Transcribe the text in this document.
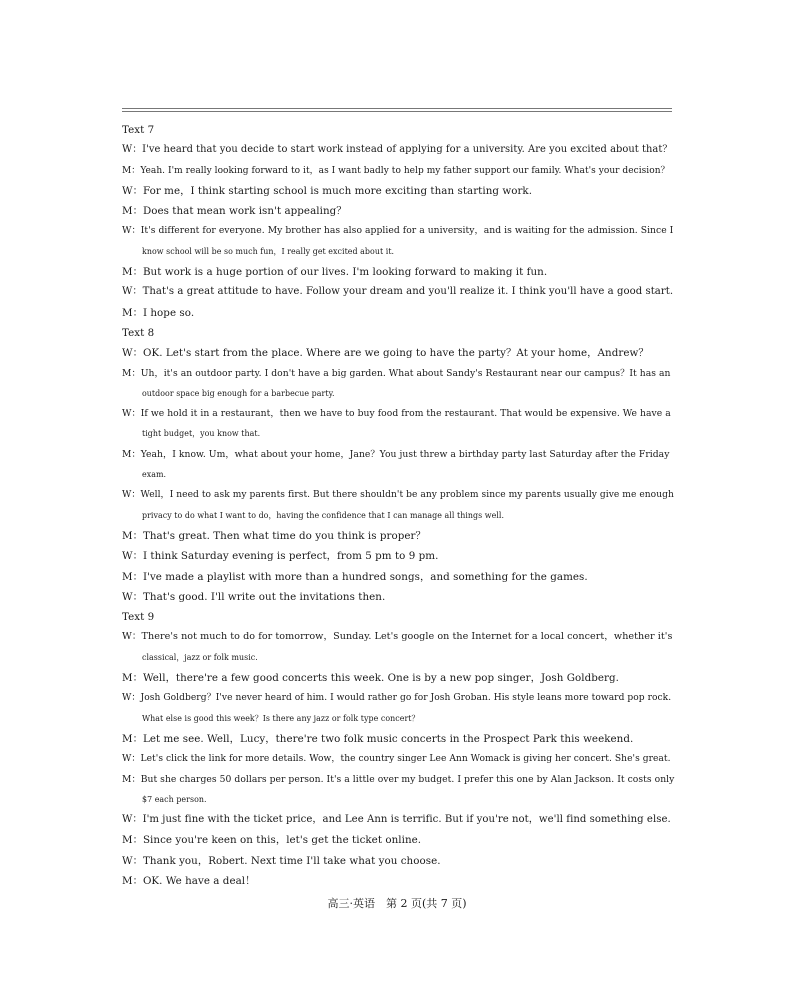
Text 7
W：I've heard that you decide to start work instead of applying for a university. Are you excited about that？
M：Yeah. I'm really looking forward to it，as I want badly to help my father support our family. What's your decision？
W：For me，I think starting school is much more exciting than starting work.
M：Does that mean work isn't appealing？
W：It's different for everyone. My brother has also applied for a university，and is waiting for the admission. Since I
know school will be so much fun，I really get excited about it.
M：But work is a huge portion of our lives. I'm looking forward to making it fun.
W：That's a great attitude to have. Follow your dream and you'll realize it. I think you'll have a good start.
M：I hope so.
Text 8
W：OK. Let's start from the place. Where are we going to have the party？At your home，Andrew？
M：Uh，it's an outdoor party. I don't have a big garden. What about Sandy's Restaurant near our campus？It has an
outdoor space big enough for a barbecue party.
W：If we hold it in a restaurant，then we have to buy food from the restaurant. That would be expensive. We have a
tight budget，you know that.
M：Yeah，I know. Um，what about your home，Jane？You just threw a birthday party last Saturday after the Friday
exam.
W：Well，I need to ask my parents first. But there shouldn't be any problem since my parents usually give me enough
privacy to do what I want to do，having the confidence that I can manage all things well.
M：That's great. Then what time do you think is proper？
W：I think Saturday evening is perfect，from 5 pm to 9 pm.
M：I've made a playlist with more than a hundred songs，and something for the games.
W：That's good. I'll write out the invitations then.
Text 9
W：There's not much to do for tomorrow，Sunday. Let's google on the Internet for a local concert，whether it's
classical，jazz or folk music.
M：Well，there're a few good concerts this week. One is by a new pop singer，Josh Goldberg.
W：Josh Goldberg？I've never heard of him. I would rather go for Josh Groban. His style leans more toward pop rock.
What else is good this week？Is there any jazz or folk type concert？
M：Let me see. Well，Lucy，there're two folk music concerts in the Prospect Park this weekend.
W：Let's click the link for more details. Wow，the country singer Lee Ann Womack is giving her concert. She's great.
M：But she charges 50 dollars per person. It's a little over my budget. I prefer this one by Alan Jackson. It costs only
$7 each person.
W：I'm just fine with the ticket price，and Lee Ann is terrific. But if you're not，we'll find something else.
M：Since you're keen on this，let's get the ticket online.
W：Thank you，Robert. Next time I'll take what you choose.
M：OK. We have a deal！
高三·英语　第 2 页(共 7 页)
